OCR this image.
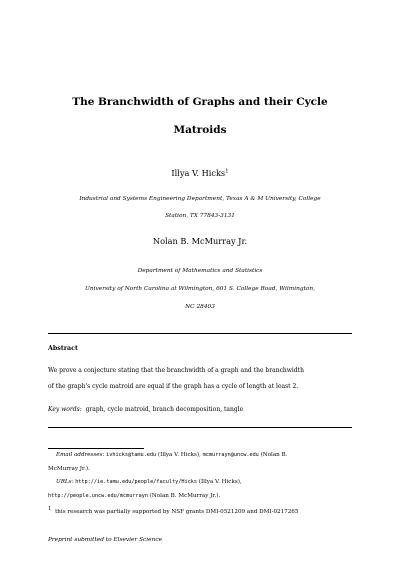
The Branchwidth of Graphs and their Cycle
Matroids
Illya V. Hicks$^1$
Industrial and Systems Engineering Department, Texas A & M University, College
Station, TX 77843-3131
Nolan B. McMurray Jr.
Department of Mathematics and Statistics
University of North Carolina at Wilmington, 601 S. College Road, Wilmington,
NC 28403
Abstract
We prove a conjecture stating that the branchwidth of a graph and the branchwidth
of the graph's cycle matroid are equal if the graph has a cycle of length at least 2.
Key words: graph, cycle matroid, branch decomposition, tangle
Email addresses: ivhicks@tamu.edu (Illya V. Hicks), mcmurrayn@uncw.edu (Nolan B.
McMurray Jr.).
URLs: http://ie.tamu.edu/people/faculty/Hicks (Illya V. Hicks),
http://people.uncw.edu/mcmurrayn (Nolan B. McMurray Jr.).
1 this research was partially supported by NSF grants DMI-0521209 and DMI-0217265
Preprint submitted to Elsevier Science
